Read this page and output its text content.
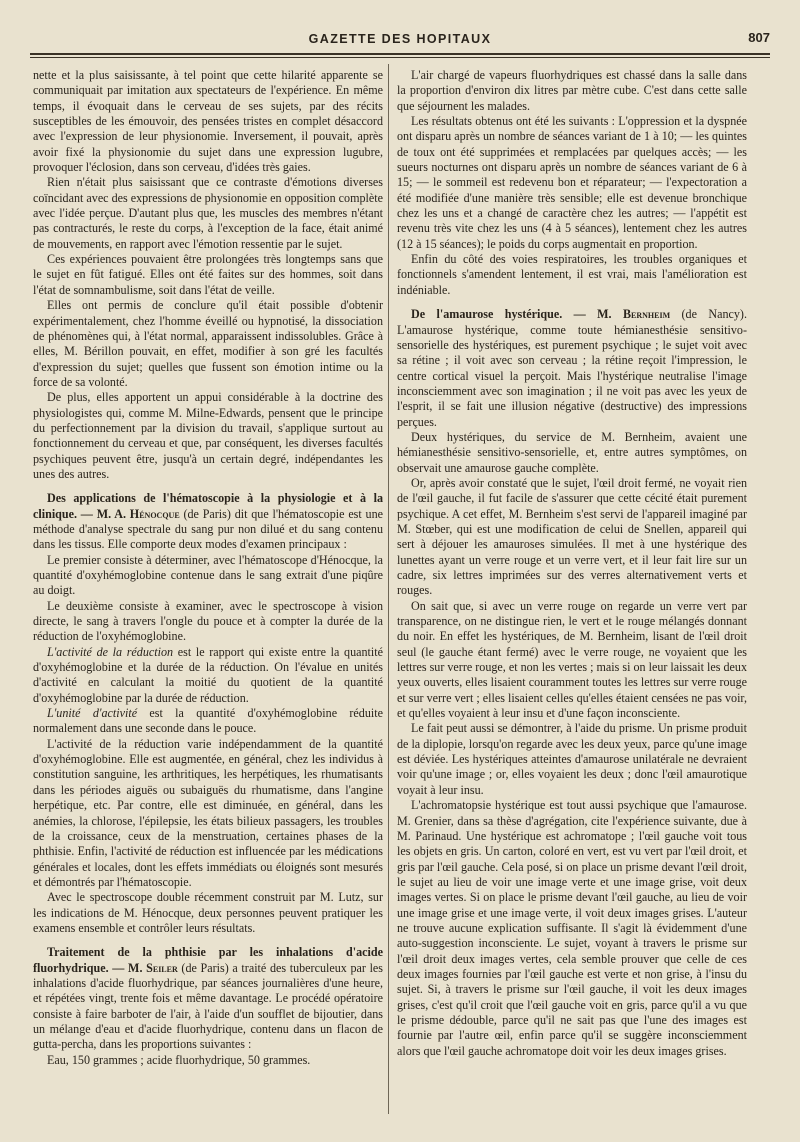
GAZETTE DES HOPITAUX	807

nette et la plus saisissante, à tel point que cette hilarité apparente se communiquait par imitation aux spectateurs de l'expérience. En même temps, il évoquait dans le cerveau de ses sujets, par des récits susceptibles de les émouvoir, des pensées tristes en complet désaccord avec l'expression de leur physionomie. Inversement, il pouvait, après avoir fixé la physionomie du sujet dans une expression lugubre, provoquer l'éclosion, dans son cerveau, d'idées très gaies.

Rien n'était plus saisissant que ce contraste d'émotions diverses coïncidant avec des expressions de physionomie en opposition complète avec l'idée perçue. D'autant plus que, les muscles des membres n'étant pas contracturés, le reste du corps, à l'exception de la face, était animé de mouvements, en rapport avec l'émotion ressentie par le sujet.

Ces expériences pouvaient être prolongées très longtemps sans que le sujet en fût fatigué. Elles ont été faites sur des hommes, soit dans l'état de somnambulisme, soit dans l'état de veille.

Elles ont permis de conclure qu'il était possible d'obtenir expérimentalement, chez l'homme éveillé ou hypnotisé, la dissociation de phénomènes qui, à l'état normal, apparaissent indissolubles. Grâce à elles, M. Bérillon pouvait, en effet, modifier à son gré les facultés d'expression du sujet; quelles que fussent son émotion intime ou la force de sa volonté.

De plus, elles apportent un appui considérable à la doctrine des physiologistes qui, comme M. Milne-Edwards, pensent que le principe du perfectionnement par la division du travail, s'applique surtout au fonctionnement du cerveau et que, par conséquent, les diverses facultés psychiques peuvent être, jusqu'à un certain degré, indépendantes les unes des autres.

Des applications de l'hématoscopie à la physiologie et à la clinique. — M. A. Hénocque (de Paris) dit que l'hématoscopie est une méthode d'analyse spectrale du sang pur non dilué et du sang contenu dans les tissus. Elle comporte deux modes d'examen principaux :

Le premier consiste à déterminer, avec l'hématoscope d'Hénocque, la quantité d'oxyhémoglobine contenue dans le sang extrait d'une piqûre au doigt.

Le deuxième consiste à examiner, avec le spectroscope à vision directe, le sang à travers l'ongle du pouce et à compter la durée de la réduction de l'oxyhémoglobine.

L'activité de la réduction est le rapport qui existe entre la quantité d'oxyhémoglobine et la durée de la réduction. On l'évalue en unités d'activité en calculant la moitié du quotient de la quantité d'oxyhémoglobine par la durée de réduction.

L'unité d'activité est la quantité d'oxyhémoglobine réduite normalement dans une seconde dans le pouce.

L'activité de la réduction varie indépendamment de la quantité d'oxyhémoglobine. Elle est augmentée, en général, chez les individus à constitution sanguine, les arthritiques, les herpétiques, les rhumatisants dans les périodes aiguës ou subaiguës du rhumatisme, dans l'angine herpétique, etc. Par contre, elle est diminuée, en général, dans les anémies, la chlorose, l'épilepsie, les états bilieux passagers, les troubles de la croissance, ceux de la menstruation, certaines phases de la phthisie. Enfin, l'activité de réduction est influencée par les médications générales et locales, dont les effets immédiats ou éloignés sont mesurés et démontrés par l'hématoscopie.

Avec le spectroscope double récemment construit par M. Lutz, sur les indications de M. Hénocque, deux personnes peuvent pratiquer les examens ensemble et contrôler leurs résultats.

Traitement de la phthisie par les inhalations d'acide fluorhydrique. — M. Seiler (de Paris) a traité des tuberculeux par les inhalations d'acide fluorhydrique, par séances journalières d'une heure, et répétées vingt, trente fois et même davantage. Le procédé opératoire consiste à faire barboter de l'air, à l'aide d'un soufflet de bijoutier, dans un mélange d'eau et d'acide fluorhydrique, contenu dans un flacon de gutta-percha, dans les proportions suivantes :

Eau, 150 grammes ; acide fluorhydrique, 50 grammes.

L'air chargé de vapeurs fluorhydriques est chassé dans la salle dans la proportion d'environ dix litres par mètre cube. C'est dans cette salle que séjournent les malades.

Les résultats obtenus ont été les suivants : L'oppression et la dyspnée ont disparu après un nombre de séances variant de 1 à 10; — les quintes de toux ont été supprimées et remplacées par quelques accès; — les sueurs nocturnes ont disparu après un nombre de séances variant de 6 à 15; — le sommeil est redevenu bon et réparateur; — l'expectoration a été modifiée d'une manière très sensible; elle est devenue bronchique chez les uns et a changé de caractère chez les autres; — l'appétit est revenu très vite chez les uns (4 à 5 séances), lentement chez les autres (12 à 15 séances); le poids du corps augmentait en proportion.

Enfin du côté des voies respiratoires, les troubles organiques et fonctionnels s'amendent lentement, il est vrai, mais l'amélioration est indéniable.

De l'amaurose hystérique. — M. Bernheim (de Nancy). L'amaurose hystérique, comme toute hémianesthésie sensitivo-sensorielle des hystériques, est purement psychique ; le sujet voit avec sa rétine ; il voit avec son cerveau ; la rétine reçoit l'impression, le centre cortical visuel la perçoit. Mais l'hystérique neutralise l'image inconsciemment avec son imagination ; il ne voit pas avec les yeux de l'esprit, il se fait une illusion négative (destructive) des impressions perçues.

Deux hystériques, du service de M. Bernheim, avaient une hémianesthésie sensitivo-sensorielle, et, entre autres symptômes, on observait une amaurose gauche complète.

Or, après avoir constaté que le sujet, l'œil droit fermé, ne voyait rien de l'œil gauche, il fut facile de s'assurer que cette cécité était purement psychique. A cet effet, M. Bernheim s'est servi de l'appareil imaginé par M. Stœber, qui est une modification de celui de Snellen, appareil qui sert à déjouer les amauroses simulées. Il met à une hystérique des lunettes ayant un verre rouge et un verre vert, et il leur fait lire sur un cadre, six lettres imprimées sur des verres alternativement verts et rouges.

On sait que, si avec un verre rouge on regarde un verre vert par transparence, on ne distingue rien, le vert et le rouge mélangés donnant du noir. En effet les hystériques, de M. Bernheim, lisant de l'œil droit seul (le gauche étant fermé) avec le verre rouge, ne voyaient que les lettres sur verre rouge, et non les vertes ; mais si on leur laissait les deux yeux ouverts, elles lisaient couramment toutes les lettres sur verre rouge et sur verre vert ; elles lisaient celles qu'elles étaient censées ne pas voir, et qu'elles voyaient à leur insu et d'une façon inconsciente.

Le fait peut aussi se démontrer, à l'aide du prisme. Un prisme produit de la diplopie, lorsqu'on regarde avec les deux yeux, parce qu'une image est déviée. Les hystériques atteintes d'amaurose unilatérale ne devraient voir qu'une image ; or, elles voyaient les deux ; donc l'œil amaurotique voyait à leur insu.

L'achromatopsie hystérique est tout aussi psychique que l'amaurose. M. Grenier, dans sa thèse d'agrégation, cite l'expérience suivante, due à M. Parinaud. Une hystérique est achromatope ; l'œil gauche voit tous les objets en gris. Un carton, coloré en vert, est vu vert par l'œil droit, et gris par l'œil gauche. Cela posé, si on place un prisme devant l'œil droit, le sujet au lieu de voir une image verte et une image grise, voit deux images vertes. Si on place le prisme devant l'œil gauche, au lieu de voir une image grise et une image verte, il voit deux images grises. L'auteur ne trouve aucune explication suffisante. Il s'agit là évidemment d'une auto-suggestion inconsciente. Le sujet, voyant à travers le prisme sur l'œil droit deux images vertes, cela semble prouver que celle de ces deux images fournies par l'œil gauche est verte et non grise, à l'insu du sujet. Si, à travers le prisme sur l'œil gauche, il voit les deux images grises, c'est qu'il croit que l'œil gauche voit en gris, parce qu'il a vu que le prisme dédouble, parce qu'il ne sait pas que l'une des images est fournie par l'autre œil, enfin parce qu'il se suggère inconsciemment alors que l'œil gauche achromatope doit voir les deux images grises.
